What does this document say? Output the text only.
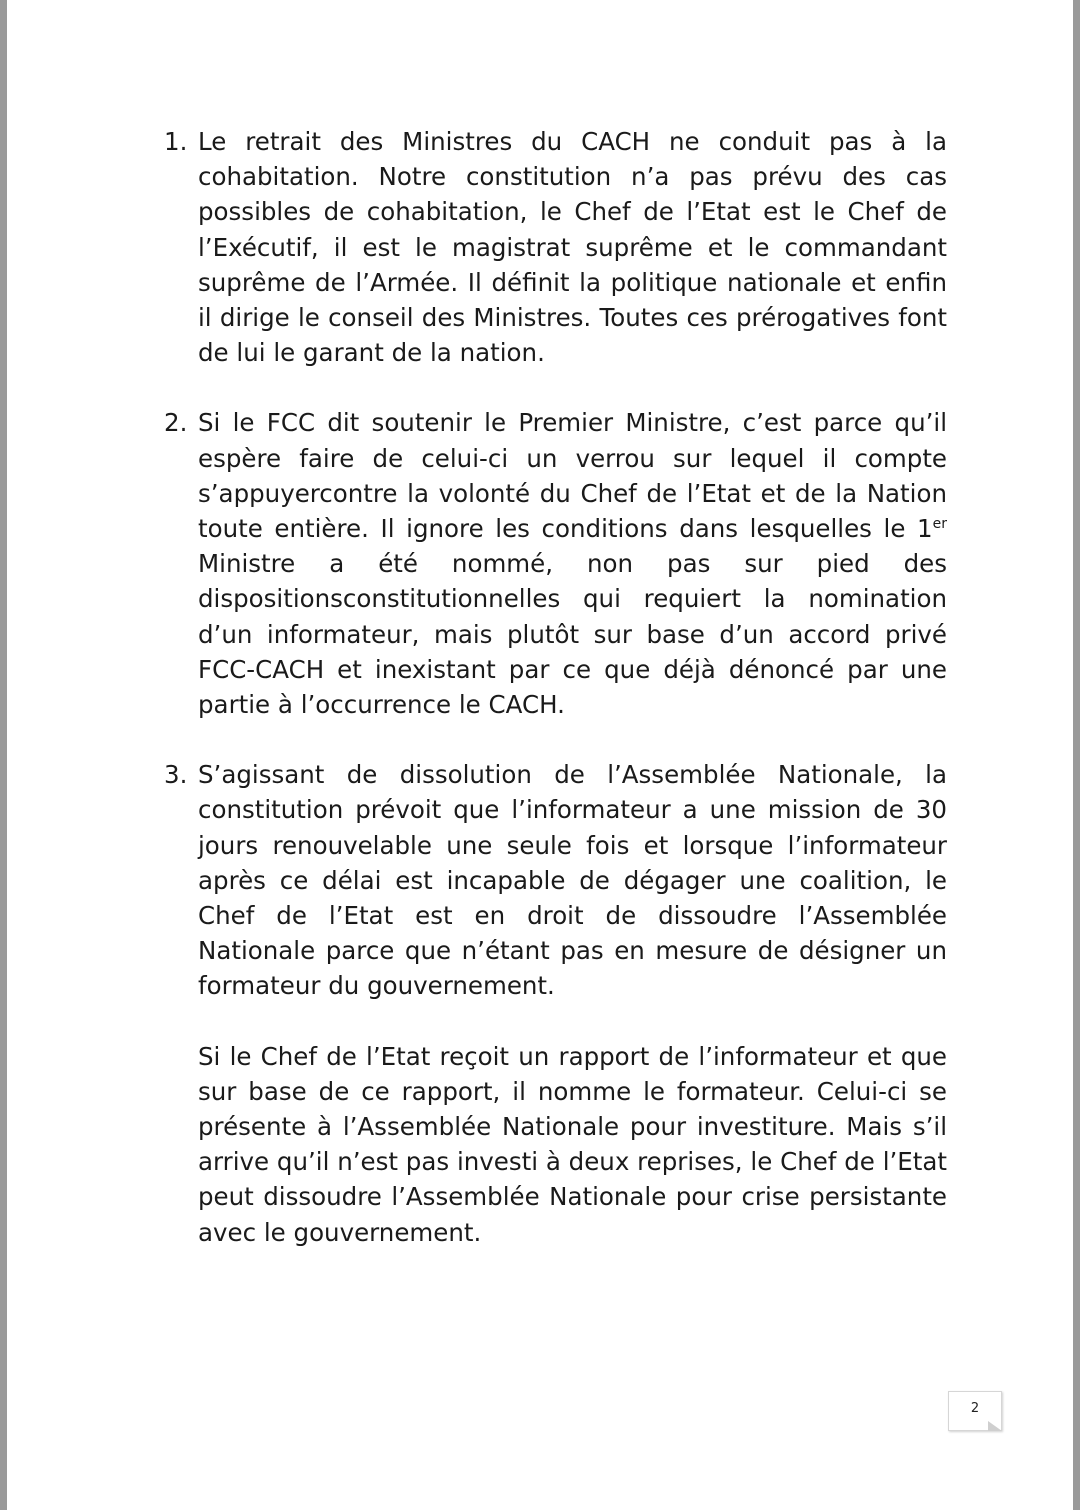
1. Le retrait des Ministres du CACH ne conduit pas à la cohabitation. Notre constitution n’a pas prévu des cas possibles de cohabitation, le Chef de l’Etat est le Chef de l’Exécutif, il est le magistrat suprême et le commandant suprême de l’Armée. Il définit la politique nationale et enfin il dirige le conseil des Ministres. Toutes ces prérogatives font de lui le garant de la nation.

2. Si le FCC dit soutenir le Premier Ministre, c’est parce qu’il espère faire de celui-ci un verrou sur lequel il compte s’appuyercontre la volonté du Chef de l’Etat et de la Nation toute entière. Il ignore les conditions dans lesquelles le 1er Ministre a été nommé, non pas sur pied des dispositionsconstitutionnelles qui requiert la nomination d’un informateur, mais plutôt sur base d’un accord privé FCC-CACH et inexistant par ce que déjà dénoncé par une partie à l’occurrence le CACH.

3. S’agissant de dissolution de l’Assemblée Nationale, la constitution prévoit que l’informateur a une mission de 30 jours renouvelable une seule fois et lorsque l’informateur après ce délai est incapable de dégager une coalition, le Chef de l’Etat est en droit de dissoudre l’Assemblée Nationale parce que n’étant pas en mesure de désigner un formateur du gouvernement.

Si le Chef de l’Etat reçoit un rapport de l’informateur et que sur base de ce rapport, il nomme le formateur. Celui-ci se présente à l’Assemblée Nationale pour investiture. Mais s’il arrive qu’il n’est pas investi à deux reprises, le Chef de l’Etat peut dissoudre l’Assemblée Nationale pour crise persistante avec le gouvernement.

2
